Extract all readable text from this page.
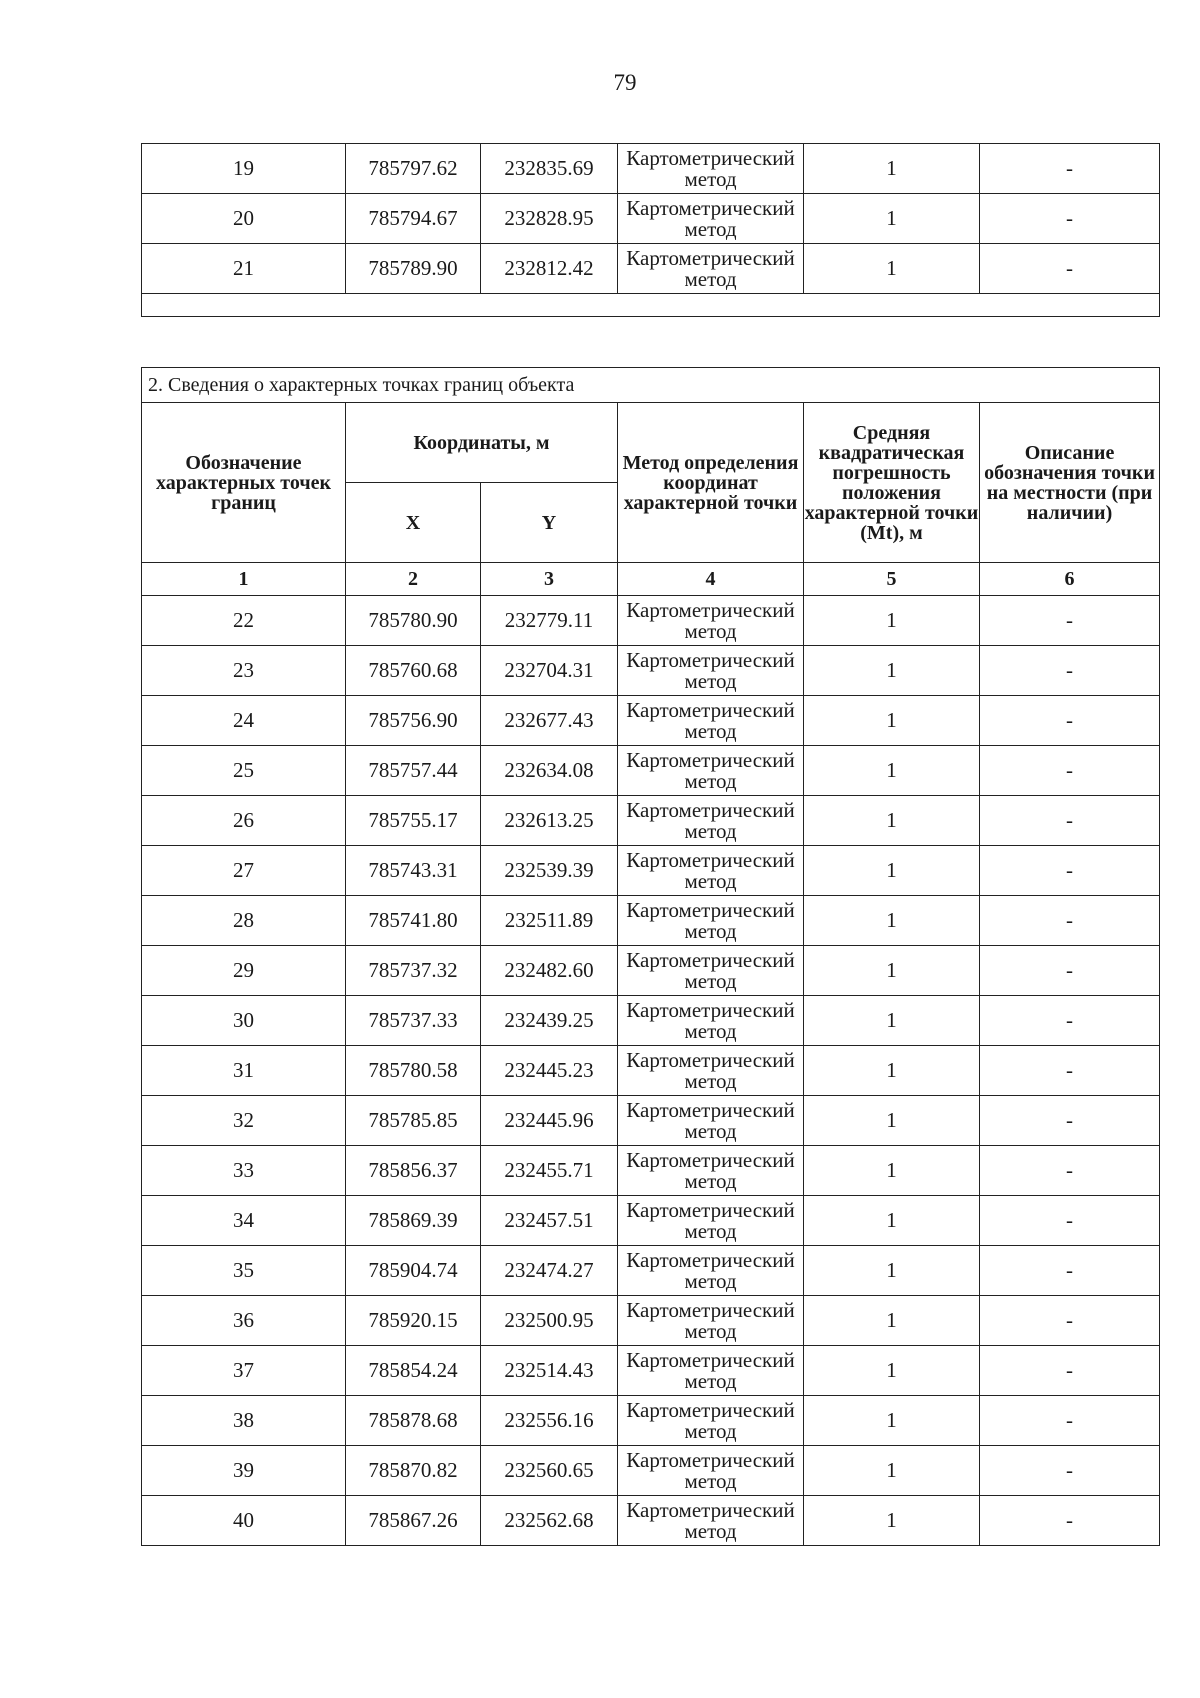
79
19	785797.62	232835.69	Картометрический метод	1	-
20	785794.67	232828.95	Картометрический метод	1	-
21	785789.90	232812.42	Картометрический метод	1	-

2. Сведения о характерных точках границ объекта					
Обозначение характерных точек границ	Координаты, м		Метод определения координат характерной точки	Средняя квадратическая погрешность положения характерной точки (Mt), м	Описание обозначения точки на местности (при наличии)
	X	Y			
1	2	3	4	5	6
22	785780.90	232779.11	Картометрический метод	1	-
23	785760.68	232704.31	Картометрический метод	1	-
24	785756.90	232677.43	Картометрический метод	1	-
25	785757.44	232634.08	Картометрический метод	1	-
26	785755.17	232613.25	Картометрический метод	1	-
27	785743.31	232539.39	Картометрический метод	1	-
28	785741.80	232511.89	Картометрический метод	1	-
29	785737.32	232482.60	Картометрический метод	1	-
30	785737.33	232439.25	Картометрический метод	1	-
31	785780.58	232445.23	Картометрический метод	1	-
32	785785.85	232445.96	Картометрический метод	1	-
33	785856.37	232455.71	Картометрический метод	1	-
34	785869.39	232457.51	Картометрический метод	1	-
35	785904.74	232474.27	Картометрический метод	1	-
36	785920.15	232500.95	Картометрический метод	1	-
37	785854.24	232514.43	Картометрический метод	1	-
38	785878.68	232556.16	Картометрический метод	1	-
39	785870.82	232560.65	Картометрический метод	1	-
40	785867.26	232562.68	Картометрический метод	1	-
